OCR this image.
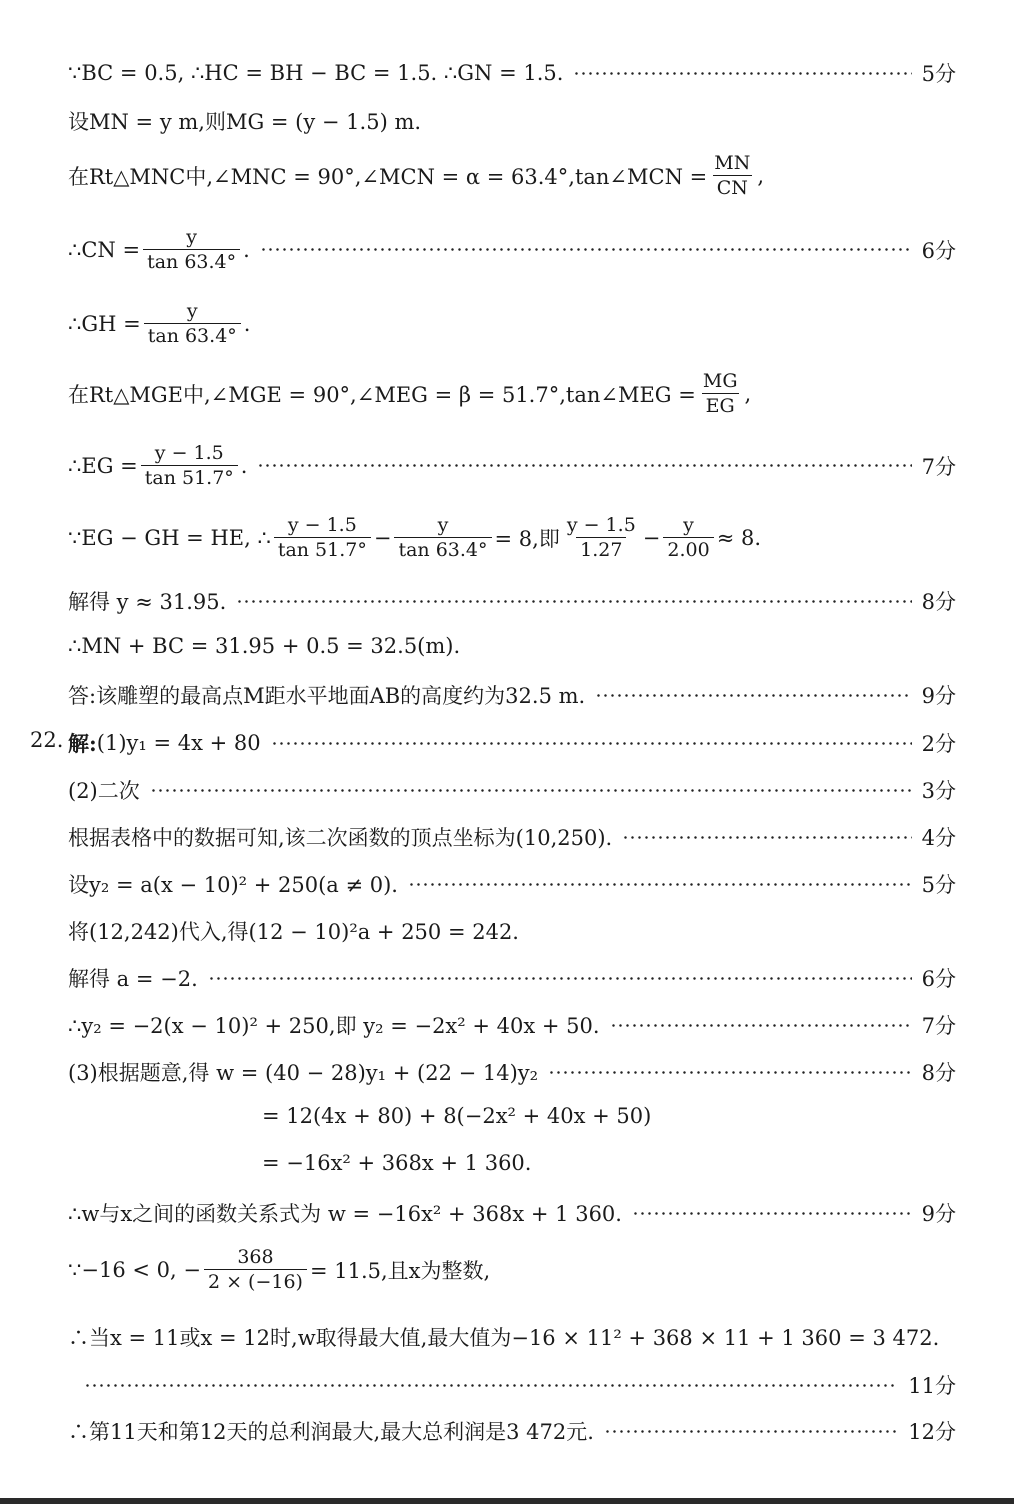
∵BC = 0.5, ∴HC = BH − BC = 1.5. ∴GN = 1.5.	5分
设MN = y m,则MG = (y − 1.5) m.
在Rt△MNC中,∠MNC = 90°,∠MCN = α = 63.4°,tan∠MCN = $\frac{MN}{CN}$ ,
∴CN = $\frac{y}{\tan 63.4^\circ}$ .	6分
∴GH = $\frac{y}{\tan 63.4^\circ}$ .
在Rt△MGE中,∠MGE = 90°,∠MEG = β = 51.7°,tan∠MEG = $\frac{MG}{EG}$ ,
∴EG = $\frac{y - 1.5}{\tan 51.7^\circ}$ .	7分
∵EG − GH = HE, ∴ $\frac{y - 1.5}{\tan 51.7^\circ} - \frac{y}{\tan 63.4^\circ} = 8$,即 $\frac{y - 1.5}{1.27} - \frac{y}{2.00} \approx 8$.
解得 y ≈ 31.95.	8分
∴MN + BC = 31.95 + 0.5 = 32.5(m).
答:该雕塑的最高点M距水平地面AB的高度约为32.5 m.	9分
22. 解: (1)y₁ = 4x + 80	2分
(2)二次	3分
根据表格中的数据可知,该二次函数的顶点坐标为(10,250).	4分
设y₂ = a(x − 10)² + 250(a ≠ 0).	5分
将(12,242)代入,得(12 − 10)²a + 250 = 242.
解得 a = −2.	6分
∴y₂ = −2(x − 10)² + 250,即 y₂ = −2x² + 40x + 50.	7分
(3)根据题意,得 w = (40 − 28)y₁ + (22 − 14)y₂	8分
= 12(4x + 80) + 8(−2x² + 40x + 50)
= −16x² + 368x + 1 360.
∴w与x之间的函数关系式为 w = −16x² + 368x + 1 360.	9分
∵−16 < 0, − $\frac{368}{2 \times (-16)} = 11.5$,且x为整数,
∴当x = 11或x = 12时,w取得最大值,最大值为−16 × 11² + 368 × 11 + 1 360 = 3 472.
11分
∴第11天和第12天的总利润最大,最大总利润是3 472元.	12分
